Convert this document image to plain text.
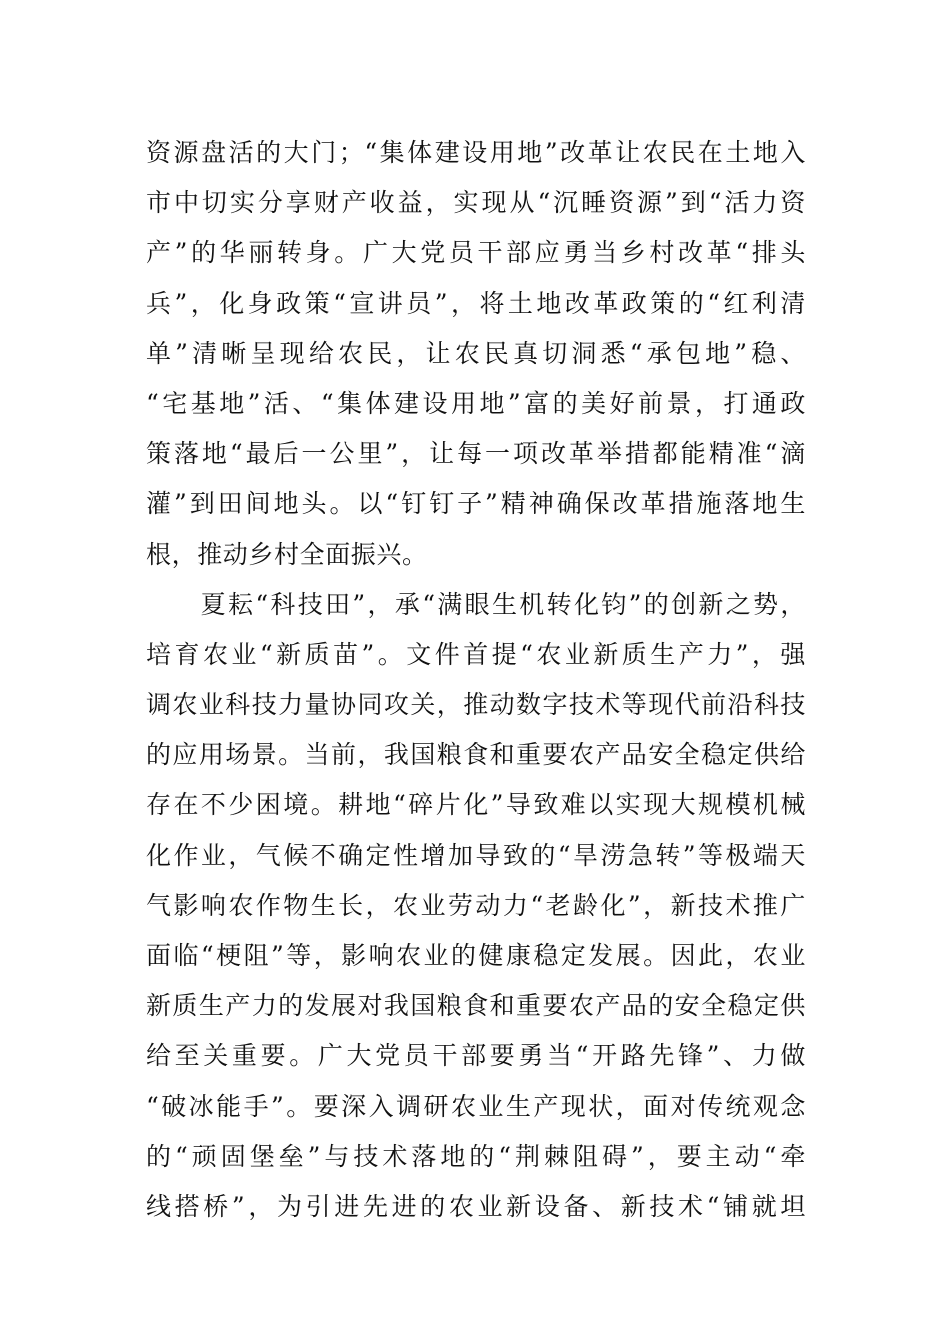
资源盘活的大门；“集体建设用地”改革让农民在土地入
市中切实分享财产收益，实现从“沉睡资源”到“活力资
产”的华丽转身。广大党员干部应勇当乡村改革“排头
兵”，化身政策“宣讲员”，将土地改革政策的“红利清
单”清晰呈现给农民，让农民真切洞悉“承包地”稳、
“宅基地”活、“集体建设用地”富的美好前景，打通政
策落地“最后一公里”，让每一项改革举措都能精准“滴
灌”到田间地头。以“钉钉子”精神确保改革措施落地生
根，推动乡村全面振兴。
　　夏耘“科技田”，承“满眼生机转化钧”的创新之势，
培育农业“新质苗”。文件首提“农业新质生产力”，强
调农业科技力量协同攻关，推动数字技术等现代前沿科技
的应用场景。当前，我国粮食和重要农产品安全稳定供给
存在不少困境。耕地“碎片化”导致难以实现大规模机械
化作业，气候不确定性增加导致的“旱涝急转”等极端天
气影响农作物生长，农业劳动力“老龄化”，新技术推广
面临“梗阻”等，影响农业的健康稳定发展。因此，农业
新质生产力的发展对我国粮食和重要农产品的安全稳定供
给至关重要。广大党员干部要勇当“开路先锋”、力做
“破冰能手”。要深入调研农业生产现状，面对传统观念
的“顽固堡垒”与技术落地的“荆棘阻碍”，要主动“牵
线搭桥”，为引进先进的农业新设备、新技术“铺就坦
